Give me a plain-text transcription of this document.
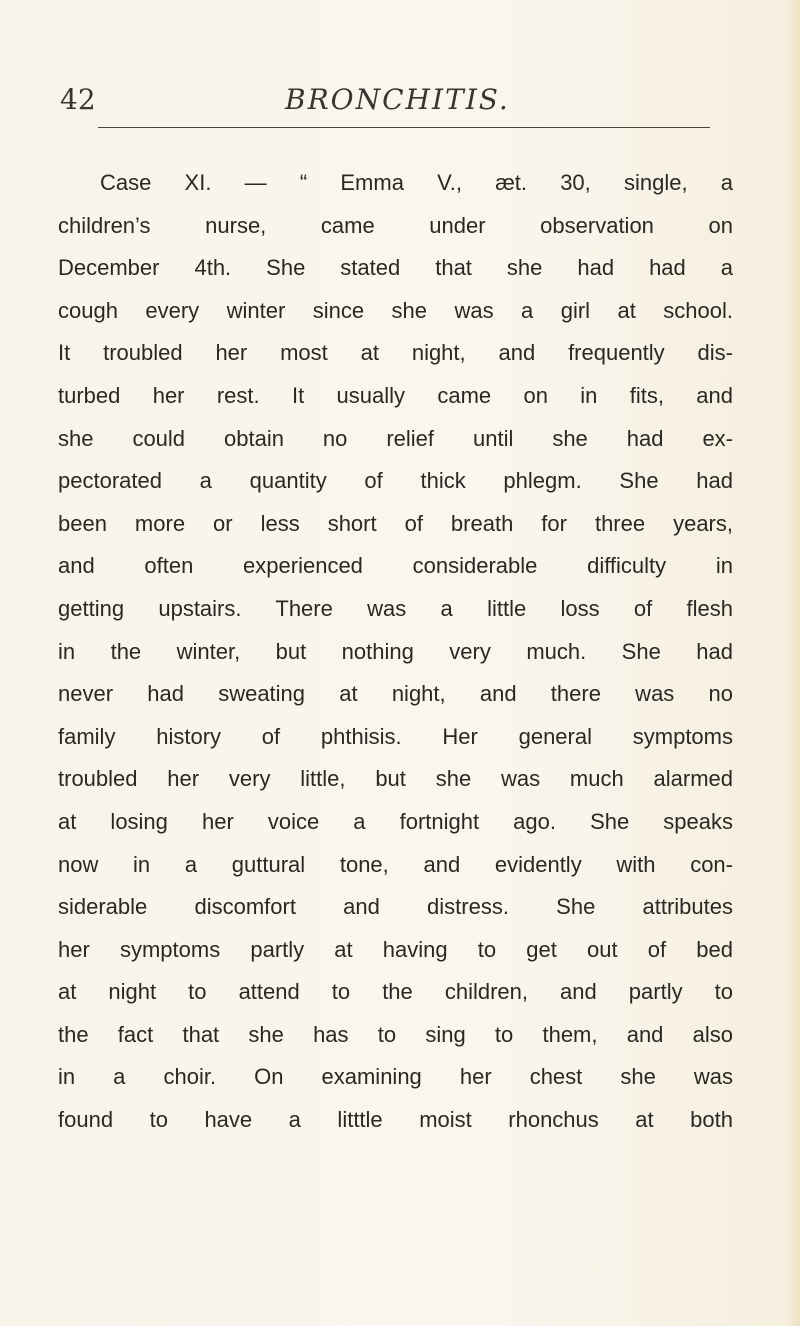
42	BRONCHITIS.
Case XI. — “ Emma V., æt. 30, single, a
children’s nurse, came under observation on
December 4th. She stated that she had had a
cough every winter since she was a girl at school.
It troubled her most at night, and frequently dis-
turbed her rest. It usually came on in fits, and
she could obtain no relief until she had ex-
pectorated a quantity of thick phlegm. She had
been more or less short of breath for three years,
and often experienced considerable difficulty in
getting upstairs. There was a little loss of flesh
in the winter, but nothing very much. She had
never had sweating at night, and there was no
family history of phthisis. Her general symptoms
troubled her very little, but she was much alarmed
at losing her voice a fortnight ago. She speaks
now in a guttural tone, and evidently with con-
siderable discomfort and distress. She attributes
her symptoms partly at having to get out of bed
at night to attend to the children, and partly to
the fact that she has to sing to them, and also
in a choir. On examining her chest she was
found to have a litttle moist rhonchus at both
